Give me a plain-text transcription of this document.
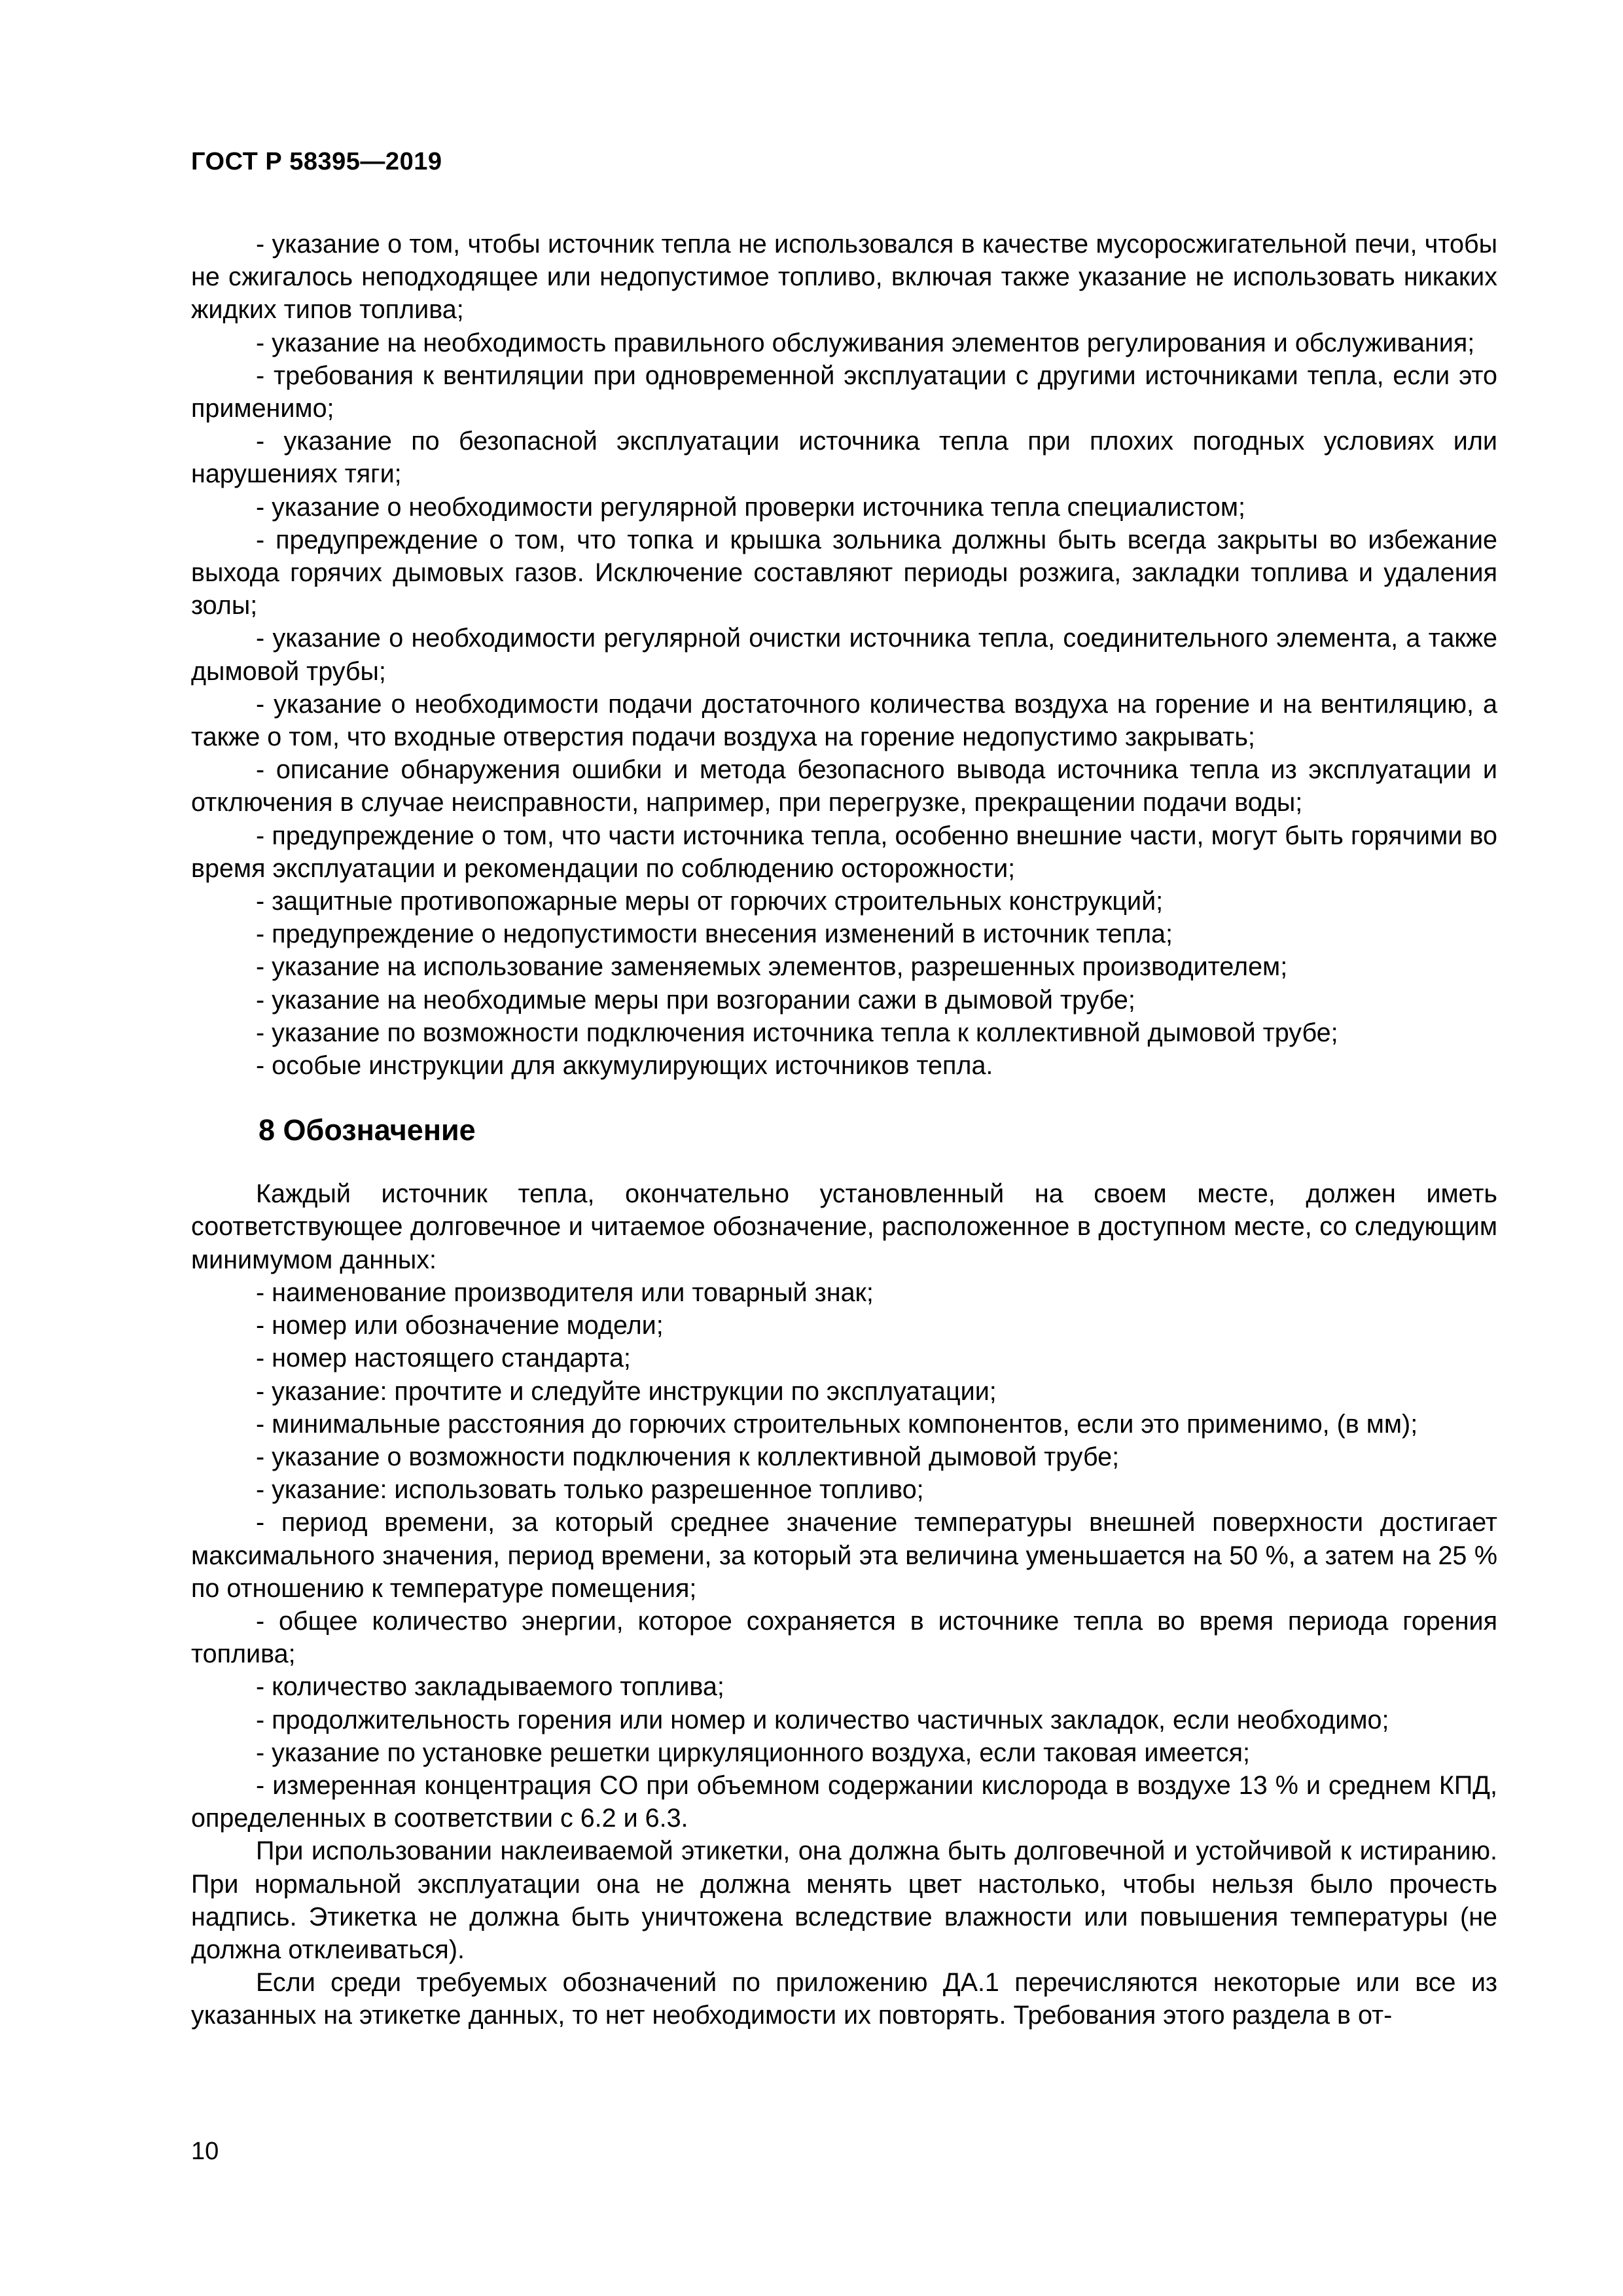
ГОСТ Р 58395—2019

- указание о том, чтобы источник тепла не использовался в качестве мусоросжигательной печи, чтобы не сжигалось неподходящее или недопустимое топливо, включая также указание не использовать никаких жидких типов топлива;

- указание на необходимость правильного обслуживания элементов регулирования и обслуживания;

- требования к вентиляции при одновременной эксплуатации с другими источниками тепла, если это применимо;

- указание по безопасной эксплуатации источника тепла при плохих погодных условиях или нарушениях тяги;

- указание о необходимости регулярной проверки источника тепла специалистом;

- предупреждение о том, что топка и крышка зольника должны быть всегда закрыты во избежание выхода горячих дымовых газов. Исключение составляют периоды розжига, закладки топлива и удаления золы;

- указание о необходимости регулярной очистки источника тепла, соединительного элемента, а также дымовой трубы;

- указание о необходимости подачи достаточного количества воздуха на горение и на вентиляцию, а также о том, что входные отверстия подачи воздуха на горение недопустимо закрывать;

- описание обнаружения ошибки и метода безопасного вывода источника тепла из эксплуатации и отключения в случае неисправности, например, при перегрузке, прекращении подачи воды;

- предупреждение о том, что части источника тепла, особенно внешние части, могут быть горячими во время эксплуатации и рекомендации по соблюдению осторожности;

- защитные противопожарные меры от горючих строительных конструкций;

- предупреждение о недопустимости внесения изменений в источник тепла;

- указание на использование заменяемых элементов, разрешенных производителем;

- указание на необходимые меры при возгорании сажи в дымовой трубе;

- указание по возможности подключения источника тепла к коллективной дымовой трубе;

- особые инструкции для аккумулирующих источников тепла.

8 Обозначение

Каждый источник тепла, окончательно установленный на своем месте, должен иметь соответствующее долговечное и читаемое обозначение, расположенное в доступном месте, со следующим минимумом данных:

- наименование производителя или товарный знак;

- номер или обозначение модели;

- номер настоящего стандарта;

- указание: прочтите и следуйте инструкции по эксплуатации;

- минимальные расстояния до горючих строительных компонентов, если это применимо, (в мм);

- указание о возможности подключения к коллективной дымовой трубе;

- указание: использовать только разрешенное топливо;

- период времени, за который среднее значение температуры внешней поверхности достигает максимального значения, период времени, за который эта величина уменьшается на 50 %, а затем на 25 % по отношению к температуре помещения;

- общее количество энергии, которое сохраняется в источнике тепла во время периода горения топлива;

- количество закладываемого топлива;

- продолжительность горения или номер и количество частичных закладок, если необходимо;

- указание по установке решетки циркуляционного воздуха, если таковая имеется;

- измеренная концентрация CO при объемном содержании кислорода в воздухе 13 % и среднем КПД, определенных в соответствии с 6.2 и 6.3.

При использовании наклеиваемой этикетки, она должна быть долговечной и устойчивой к истиранию. При нормальной эксплуатации она не должна менять цвет настолько, чтобы нельзя было прочесть надпись. Этикетка не должна быть уничтожена вследствие влажности или повышения температуры (не должна отклеиваться).

Если среди требуемых обозначений по приложению ДА.1 перечисляются некоторые или все из указанных на этикетке данных, то нет необходимости их повторять. Требования этого раздела в от-

10
